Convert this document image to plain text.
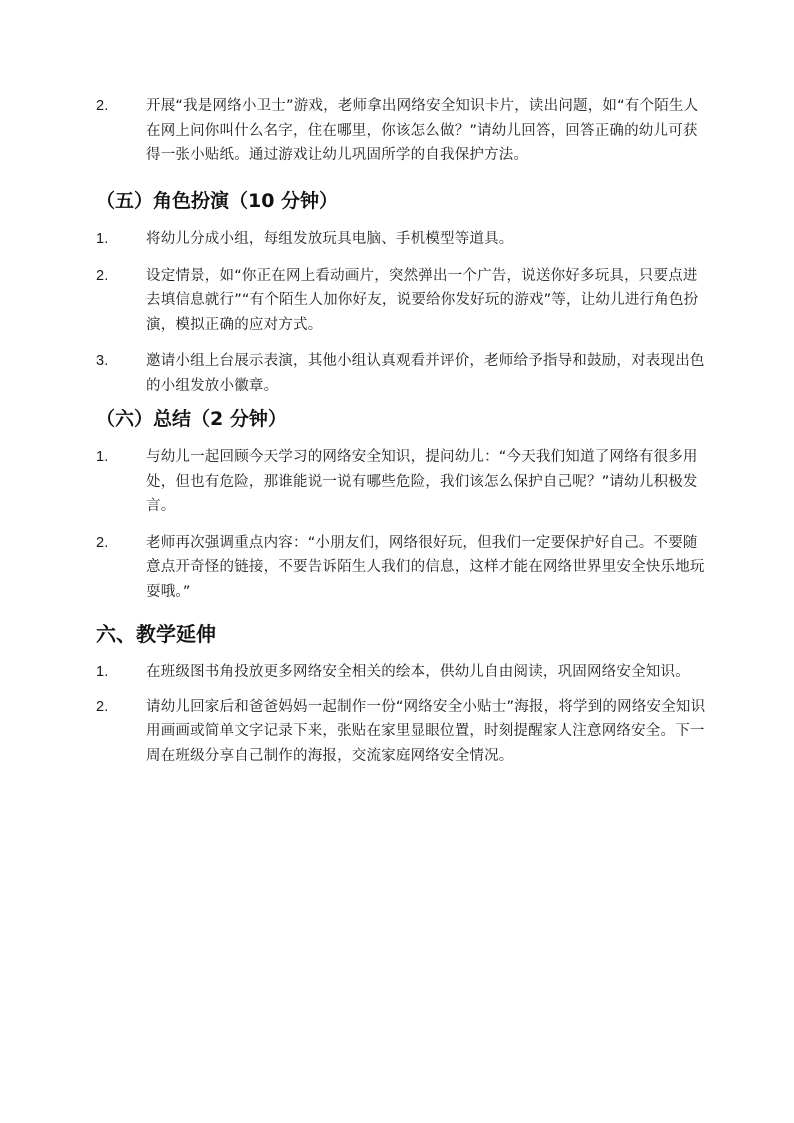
2.	开展“我是网络小卫士”游戏，老师拿出网络安全知识卡片，读出问题，如“有个陌生人在网上问你叫什么名字，住在哪里，你该怎么做？”请幼儿回答，回答正确的幼儿可获得一张小贴纸。通过游戏让幼儿巩固所学的自我保护方法。
（五）角色扮演（10 分钟）
1.	将幼儿分成小组，每组发放玩具电脑、手机模型等道具。
2.	设定情景，如“你正在网上看动画片，突然弹出一个广告，说送你好多玩具，只要点进去填信息就行”“有个陌生人加你好友，说要给你发好玩的游戏”等，让幼儿进行角色扮演，模拟正确的应对方式。
3.	邀请小组上台展示表演，其他小组认真观看并评价，老师给予指导和鼓励，对表现出色的小组发放小徽章。
（六）总结（2 分钟）
1.	与幼儿一起回顾今天学习的网络安全知识，提问幼儿：“今天我们知道了网络有很多用处，但也有危险，那谁能说一说有哪些危险，我们该怎么保护自己呢？”请幼儿积极发言。
2.	老师再次强调重点内容：“小朋友们，网络很好玩，但我们一定要保护好自己。不要随意点开奇怪的链接，不要告诉陌生人我们的信息，这样才能在网络世界里安全快乐地玩耍哦。”
六、教学延伸
1.	在班级图书角投放更多网络安全相关的绘本，供幼儿自由阅读，巩固网络安全知识。
2.	请幼儿回家后和爸爸妈妈一起制作一份“网络安全小贴士”海报，将学到的网络安全知识用画画或简单文字记录下来，张贴在家里显眼位置，时刻提醒家人注意网络安全。下一周在班级分享自己制作的海报，交流家庭网络安全情况。
